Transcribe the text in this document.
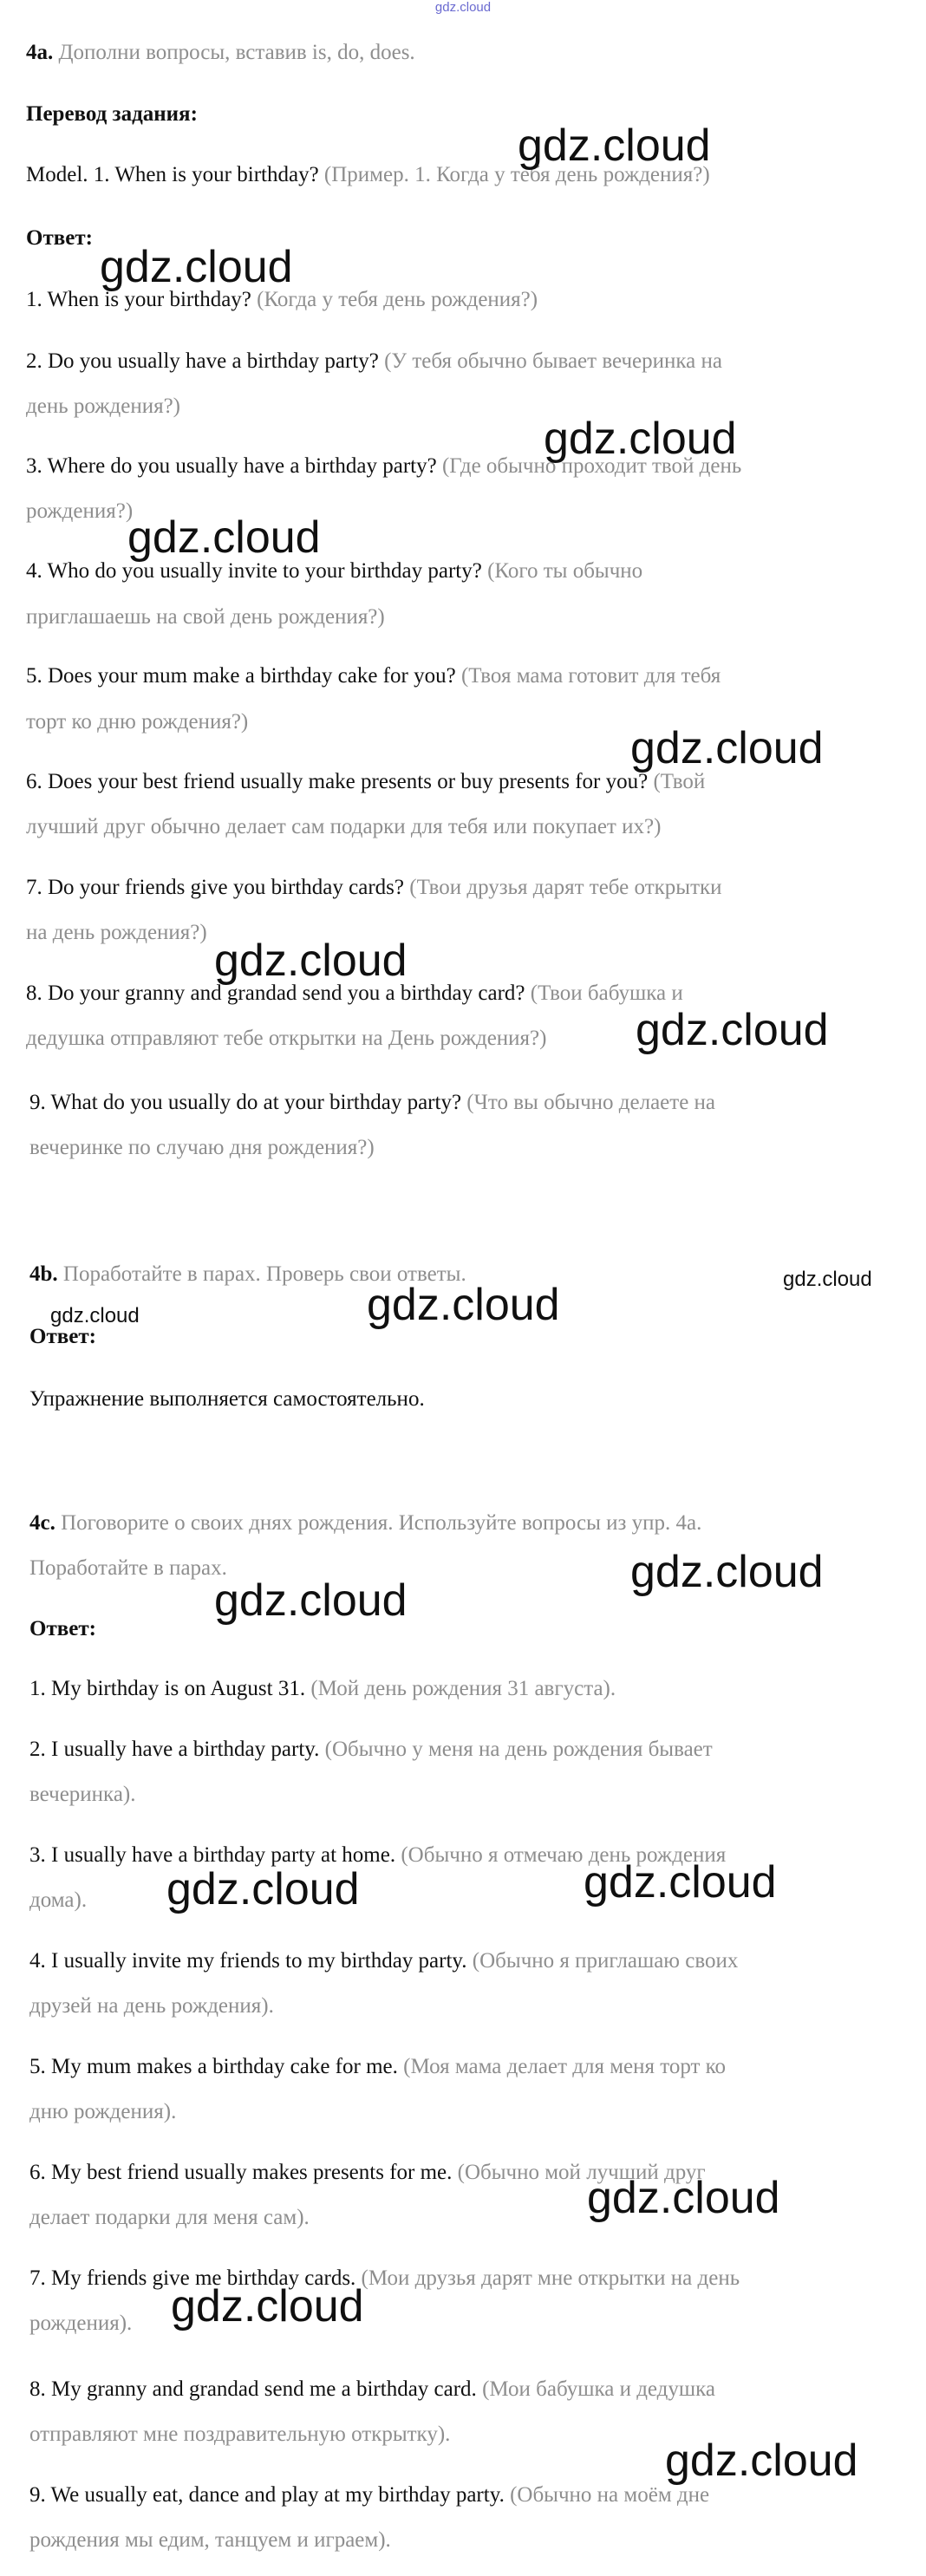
gdz.cloud
4a. Дополни вопросы, вставив is, do, does.
Перевод задания:
Model. 1. When is your birthday? (Пример. 1. Когда у тебя день рождения?)
Ответ:
1. When is your birthday? (Когда у тебя день рождения?)
2. Do you usually have a birthday party? (У тебя обычно бывает вечеринка на
день рождения?)
3. Where do you usually have a birthday party? (Где обычно проходит твой день
рождения?)
4. Who do you usually invite to your birthday party? (Кого ты обычно
приглашаешь на свой день рождения?)
5. Does your mum make a birthday cake for you? (Твоя мама готовит для тебя
торт ко дню рождения?)
6. Does your best friend usually make presents or buy presents for you? (Твой
лучший друг обычно делает сам подарки для тебя или покупает их?)
7. Do your friends give you birthday cards? (Твои друзья дарят тебе открытки
на день рождения?)
8. Do your granny and grandad send you a birthday card? (Твои бабушка и
дедушка отправляют тебе открытки на День рождения?)
9. What do you usually do at your birthday party? (Что вы обычно делаете на
вечеринке по случаю дня рождения?)
4b. Поработайте в парах. Проверь свои ответы.
Ответ:
Упражнение выполняется самостоятельно.
4c. Поговорите о своих днях рождения. Используйте вопросы из упр. 4а.
Поработайте в парах.
Ответ:
1. My birthday is on August 31. (Мой день рождения 31 августа).
2. I usually have a birthday party. (Обычно у меня на день рождения бывает
вечеринка).
3. I usually have a birthday party at home. (Обычно я отмечаю день рождения
дома).
4. I usually invite my friends to my birthday party. (Обычно я приглашаю своих
друзей на день рождения).
5. My mum makes a birthday cake for me. (Моя мама делает для меня торт ко
дню рождения).
6. My best friend usually makes presents for me. (Обычно мой лучший друг
делает подарки для меня сам).
7. My friends give me birthday cards. (Мои друзья дарят мне открытки на день
рождения).
8. My granny and grandad send me a birthday card. (Мои бабушка и дедушка
отправляют мне поздравительную открытку).
9. We usually eat, dance and play at my birthday party. (Обычно на моём дне
рождения мы едим, танцуем и играем).
gdz.cloud
gdz.cloud
gdz.cloud
gdz.cloud
gdz.cloud
gdz.cloud
gdz.cloud
gdz.cloud
gdz.cloud	gdz.cloud
gdz.cloud
gdz.cloud
gdz.cloud
gdz.cloud
gdz.cloud
gdz.cloud
gdz.cloud
